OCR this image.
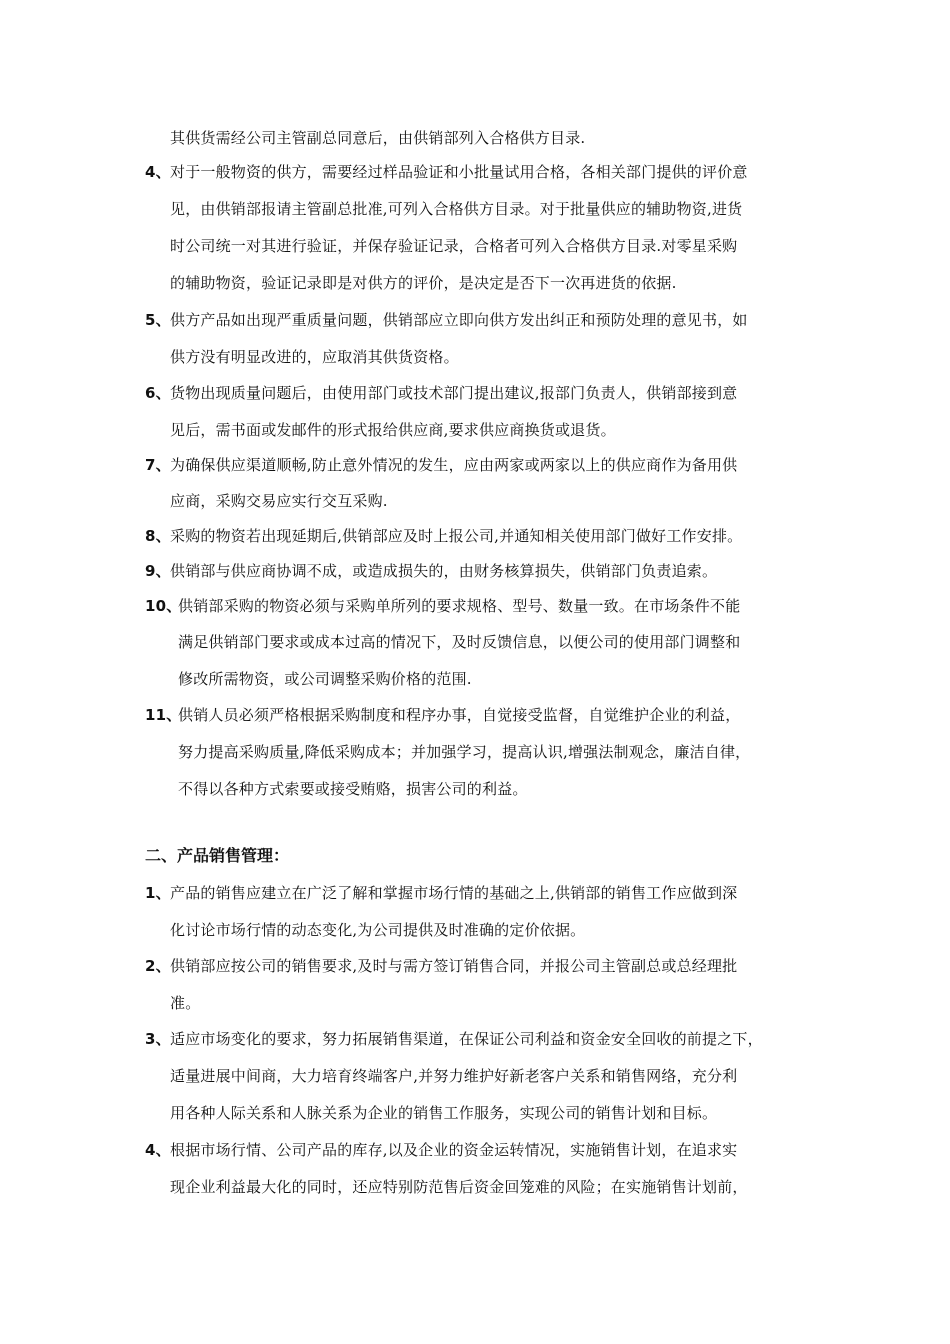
其供货需经公司主管副总同意后，由供销部列入合格供方目录.
4、 对于一般物资的供方，需要经过样品验证和小批量试用合格，各相关部门提供的评价意
见，由供销部报请主管副总批准,可列入合格供方目录。对于批量供应的辅助物资,进货
时公司统一对其进行验证，并保存验证记录，合格者可列入合格供方目录.对零星采购
的辅助物资，验证记录即是对供方的评价，是决定是否下一次再进货的依据.
5、 供方产品如出现严重质量问题，供销部应立即向供方发出纠正和预防处理的意见书，如
供方没有明显改进的，应取消其供货资格。
6、 货物出现质量问题后，由使用部门或技术部门提出建议,报部门负责人，供销部接到意
见后，需书面或发邮件的形式报给供应商,要求供应商换货或退货。
7、 为确保供应渠道顺畅,防止意外情况的发生，应由两家或两家以上的供应商作为备用供
应商，采购交易应实行交互采购.
8、 采购的物资若出现延期后,供销部应及时上报公司,并通知相关使用部门做好工作安排。
9、 供销部与供应商协调不成，或造成损失的，由财务核算损失，供销部门负责追索。
10、
供销部采购的物资必须与采购单所列的要求规格、型号、数量一致。在市场条件不能
满足供销部门要求或成本过高的情况下，及时反馈信息，以便公司的使用部门调整和
修改所需物资，或公司调整采购价格的范围.
11、
供销人员必须严格根据采购制度和程序办事，自觉接受监督，自觉维护企业的利益，
努力提高采购质量,降低采购成本；并加强学习，提高认识,增强法制观念，廉洁自律，
不得以各种方式索要或接受贿赂，损害公司的利益。
二、产品销售管理：
1、 产品的销售应建立在广泛了解和掌握市场行情的基础之上,供销部的销售工作应做到深
化讨论市场行情的动态变化,为公司提供及时准确的定价依据。
2、 供销部应按公司的销售要求,及时与需方签订销售合同，并报公司主管副总或总经理批
准。
3、 适应市场变化的要求，努力拓展销售渠道，在保证公司利益和资金安全回收的前提之下，
适量进展中间商，大力培育终端客户,并努力维护好新老客户关系和销售网络，充分利
用各种人际关系和人脉关系为企业的销售工作服务，实现公司的销售计划和目标。
4、 根据市场行情、公司产品的库存,以及企业的资金运转情况，实施销售计划，在追求实
现企业利益最大化的同时，还应特别防范售后资金回笼难的风险；在实施销售计划前，
